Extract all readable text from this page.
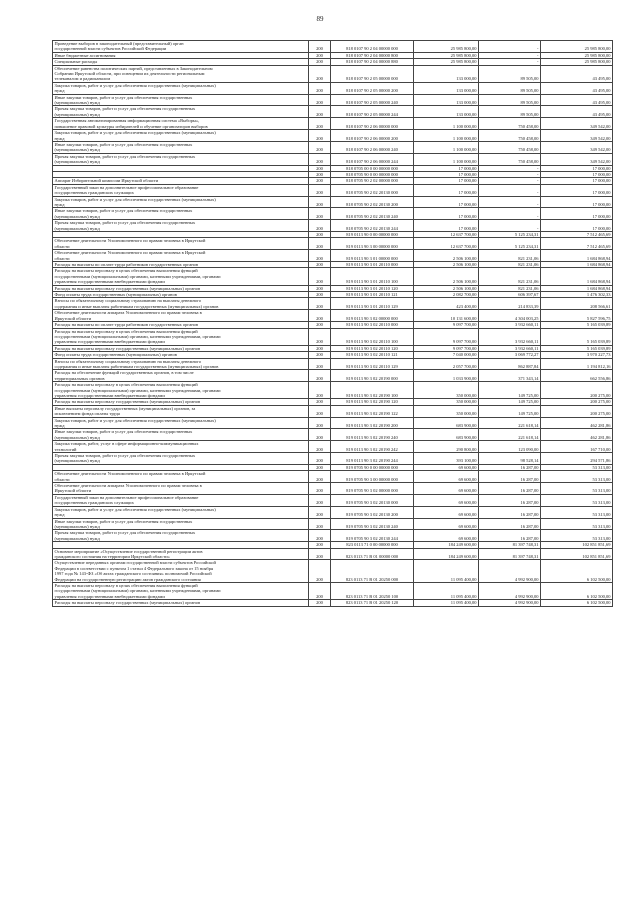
89
Проведение выборов в законодательный (представительный) орган
государственной власти субъектов Российской Федерации	200	818 0107 90 2 04 00000 000	25 985 800,00	-	25 985 800,00
Иные бюджетные ассигнования	200	818 0107 90 2 04 00000 800	25 985 800,00	-	25 985 800,00
Специальные расходы	200	818 0107 90 2 04 00000 880	25 985 800,00	-	25 985 800,00
Обеспечение равенства политических партий, представленных в Законодательном
Собрании Иркутской области, при освещении их деятельности региональным
телеканалом и радиоканалом	200	818 0107 90 2 05 00000 000	133 000,00	89 505,00	43 495,00
Закупка товаров, работ и услуг для обеспечения государственных (муниципальных)
нужд	200	818 0107 90 2 05 00000 200	133 000,00	89 505,00	43 495,00
Иные закупки товаров, работ и услуг для обеспечения государственных
(муниципальных) нужд	200	818 0107 90 2 05 00000 240	133 000,00	89 505,00	43 495,00
Прочая закупка товаров, работ и услуг для обеспечения государственных
(муниципальных) нужд	200	818 0107 90 2 05 00000 244	133 000,00	89 505,00	43 495,00
Государственная автоматизированная информационная система «Выборы»,
повышение правовой культуры избирателей и обучение организаторов выборов	200	818 0107 90 2 06 00000 000	1 100 000,00	750 458,00	349 542,00
Закупка товаров, работ и услуг для обеспечения государственных (муниципальных)
нужд	200	818 0107 90 2 06 00000 200	1 100 000,00	750 458,00	349 542,00
Иные закупки товаров, работ и услуг для обеспечения государственных
(муниципальных) нужд	200	818 0107 90 2 06 00000 240	1 100 000,00	750 458,00	349 542,00
Прочая закупка товаров, работ и услуг для обеспечения государственных
(муниципальных) нужд	200	818 0107 90 2 06 00000 244	1 100 000,00	750 458,00	349 542,00
	200	818 0705 00 0 00 00000 000	17 000,00	-	17 000,00
	200	818 0705 90 0 00 00000 000	17 000,00	-	17 000,00
Аппарат Избирательной комиссии Иркутской области	200	818 0705 90 2 02 00000 000	17 000,00	-	17 000,00
Государственный заказ на дополнительное профессиональное образование
государственных гражданских служащих	200	818 0705 90 2 02 20130 000	17 000,00	-	17 000,00
Закупка товаров, работ и услуг для обеспечения государственных (муниципальных)
нужд	200	818 0705 90 2 02 20130 200	17 000,00	-	17 000,00
Иные закупки товаров, работ и услуг для обеспечения государственных
(муниципальных) нужд	200	818 0705 90 2 02 20130 240	17 000,00	-	17 000,00
Прочая закупка товаров, работ и услуг для обеспечения государственных
(муниципальных) нужд	200	818 0705 90 2 02 20130 244	17 000,00	-	17 000,00
	200	819 0113 90 0 00 00000 000	12 637 700,00	5 125 234,31	7 512 465,69
Обеспечение деятельности Уполномоченного по правам человека в Иркутской
области	200	819 0113 90 3 00 00000 000	12 637 700,00	5 125 234,31	7 512 465,69
Обеспечение деятельности Уполномоченного по правам человека в Иркутской
области	200	819 0113 90 3 01 00000 000	2 506 100,00	821 231,06	1 684 868,94
Расходы на выплаты по оплате труда работников государственных органов	200	819 0113 90 3 01 20110 000	2 506 100,00	821 231,06	1 684 868,94
Расходы на выплаты персоналу в целях обеспечения выполнения функций
государственными (муниципальными) органами, казенными учреждениями, органами
управления государственными внебюджетными фондами	200	819 0113 90 3 01 20110 100	2 506 100,00	821 231,06	1 684 868,94
Расходы на выплаты персоналу государственных (муниципальных) органов	200	819 0113 90 3 01 20110 120	2 506 100,00	821 231,06	1 684 868,94
Фонд оплаты труда государственных (муниципальных) органов	200	819 0113 90 3 01 20110 121	2 082 700,00	606 397,67	1 476 302,33
Взносы по обязательному социальному страхованию на выплаты денежного
содержания и иные выплаты работникам государственных (муниципальных) органов	200	819 0113 90 3 01 20110 129	423 400,00	214 833,39	208 566,61
Обеспечение деятельности аппарата Уполномоченного по правам человека в
Иркутской области	200	819 0113 90 3 02 00000 000	10 131 600,00	4 304 003,25	5 827 596,75
Расходы на выплаты по оплате труда работников государственных органов	200	819 0113 90 3 02 20110 000	9 097 700,00	3 932 660,11	5 165 039,89
Расходы на выплаты персоналу в целях обеспечения выполнения функций
государственными (муниципальными) органами, казенными учреждениями, органами
управления государственными внебюджетными фондами	200	819 0113 90 3 02 20110 100	9 097 700,00	3 932 660,11	5 165 039,89
Расходы на выплаты персоналу государственных (муниципальных) органов	200	819 0113 90 3 02 20110 120	9 097 700,00	3 932 660,11	5 165 039,89
Фонд оплаты труда государственных (муниципальных) органов	200	819 0113 90 3 02 20110 121	7 040 000,00	3 069 772,27	3 970 227,73
Взносы по обязательному социальному страхованию на выплаты денежного
содержания и иные выплаты работникам государственных (муниципальных) органов	200	819 0113 90 3 02 20110 129	2 057 700,00	862 887,84	1 194 812,16
Расходы на обеспечение функций государственных органов, в том числе
территориальных органов	200	819 0113 90 3 02 20190 000	1 033 900,00	371 343,14	662 556,86
Расходы на выплаты персоналу в целях обеспечения выполнения функций
государственными (муниципальными) органами, казенными учреждениями, органами
управления государственными внебюджетными фондами	200	819 0113 90 3 02 20190 100	350 000,00	149 725,00	200 275,00
Расходы на выплаты персоналу государственных (муниципальных) органов	200	819 0113 90 3 02 20190 120	350 000,00	149 725,00	200 275,00
Иные выплаты персоналу государственных (муниципальных) органов, за
исключением фонда оплаты труда	200	819 0113 90 3 02 20190 122	350 000,00	149 725,00	200 275,00
Закупка товаров, работ и услуг для обеспечения государственных (муниципальных)
нужд	200	819 0113 90 3 02 20190 200	683 900,00	221 618,14	462 281,86
Иные закупки товаров, работ и услуг для обеспечения государственных
(муниципальных) нужд	200	819 0113 90 3 02 20190 240	683 900,00	221 618,14	462 281,86
Закупка товаров, работ, услуг в сфере информационно-коммуникационных
технологий	200	819 0113 90 3 02 20190 242	290 800,00	123 090,00	167 710,00
Прочая закупка товаров, работ и услуг для обеспечения государственных
(муниципальных) нужд	200	819 0113 90 3 02 20190 244	393 100,00	98 528,14	294 571,86
	200	819 0705 90 0 00 00000 000	69 600,00	16 287,00	53 313,00
Обеспечение деятельности Уполномоченного по правам человека в Иркутской
области	200	819 0705 90 3 00 00000 000	69 600,00	16 287,00	53 313,00
Обеспечение деятельности аппарата Уполномоченного по правам человека в
Иркутской области	200	819 0705 90 3 02 00000 000	69 600,00	16 287,00	53 313,00
Государственный заказ на дополнительное профессиональное образование
государственных гражданских служащих	200	819 0705 90 3 02 20130 000	69 600,00	16 287,00	53 313,00
Закупка товаров, работ и услуг для обеспечения государственных (муниципальных)
нужд	200	819 0705 90 3 02 20130 200	69 600,00	16 287,00	53 313,00
Иные закупки товаров, работ и услуг для обеспечения государственных
(муниципальных) нужд	200	819 0705 90 3 02 20130 240	69 600,00	16 287,00	53 313,00
Прочая закупка товаров, работ и услуг для обеспечения государственных
(муниципальных) нужд	200	819 0705 90 3 02 20130 244	69 600,00	16 287,00	53 313,00
	200	823 0113 71 0 00 00000 000	184 249 600,00	81 397 748,31	102 851 851,69
Основное мероприятие «Осуществление государственной регистрации актов
гражданского состояния на территории Иркутской области»	200	823 0113 71 В 01 00000 000	184 249 600,00	81 397 748,31	102 851 851,69
Осуществление переданных органам государственной власти субъектов Российской
Федерации в соответствии с пунктом 1 статьи 4 Федерального закона от 15 ноября
1997 года № 143-ФЗ «Об актах гражданского состояния» полномочий Российской
Федерации на государственную регистрацию актов гражданского состояния	200	823 0113 71 В 01 20250 000	11 095 400,00	4 992 900,00	6 102 500,00
Расходы на выплаты персоналу в целях обеспечения выполнения функций
государственными (муниципальными) органами, казенными учреждениями, органами
управления государственными внебюджетными фондами	200	823 0113 71 В 01 20250 100	11 095 400,00	4 992 900,00	6 102 500,00
Расходы на выплаты персоналу государственных (муниципальных) органов	200	823 0113 71 В 01 20250 120	11 095 400,00	4 992 900,00	6 102 500,00
